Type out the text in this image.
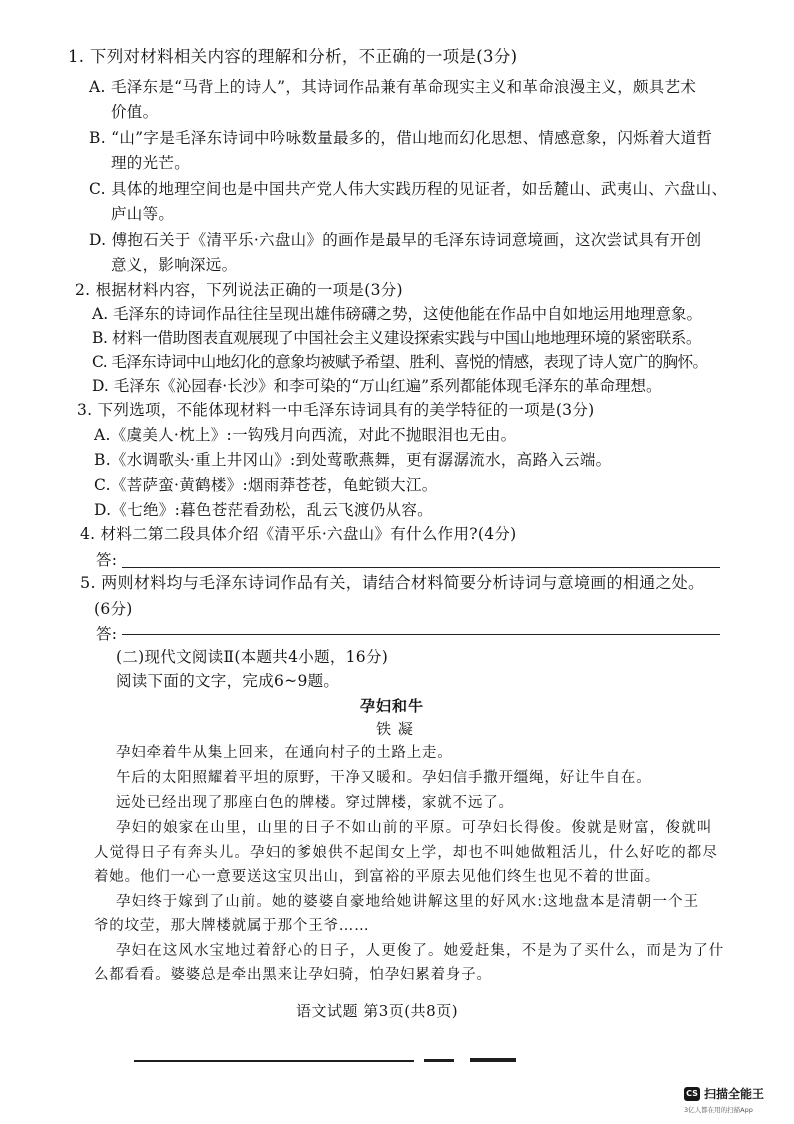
1. 下列对材料相关内容的理解和分析，不正确的一项是(3分)
A. 毛泽东是“马背上的诗人”，其诗词作品兼有革命现实主义和革命浪漫主义，颇具艺术
价值。
B. “山”字是毛泽东诗词中吟咏数量最多的，借山地而幻化思想、情感意象，闪烁着大道哲
理的光芒。
C. 具体的地理空间也是中国共产党人伟大实践历程的见证者，如岳麓山、武夷山、六盘山、
庐山等。
D. 傅抱石关于《清平乐·六盘山》的画作是最早的毛泽东诗词意境画，这次尝试具有开创
意义，影响深远。
2. 根据材料内容，下列说法正确的一项是(3分)
A. 毛泽东的诗词作品往往呈现出雄伟磅礴之势，这使他能在作品中自如地运用地理意象。
B. 材料一借助图表直观展现了中国社会主义建设探索实践与中国山地地理环境的紧密联系。
C. 毛泽东诗词中山地幻化的意象均被赋予希望、胜利、喜悦的情感，表现了诗人宽广的胸怀。
D. 毛泽东《沁园春·长沙》和李可染的“万山红遍”系列都能体现毛泽东的革命理想。
3. 下列选项，不能体现材料一中毛泽东诗词具有的美学特征的一项是(3分)
A.《虞美人·枕上》:一钩残月向西流，对此不抛眼泪也无由。
B.《水调歌头·重上井冈山》:到处莺歌燕舞，更有潺潺流水，高路入云端。
C.《菩萨蛮·黄鹤楼》:烟雨莽苍苍，龟蛇锁大江。
D.《七绝》:暮色苍茫看劲松，乱云飞渡仍从容。
4. 材料二第二段具体介绍《清平乐·六盘山》有什么作用?(4分)
答:
5. 两则材料均与毛泽东诗词作品有关，请结合材料简要分析诗词与意境画的相通之处。
(6分)
答:
(二)现代文阅读Ⅱ(本题共4小题，16分)
阅读下面的文字，完成6~9题。
孕妇和牛
铁 凝
孕妇牵着牛从集上回来，在通向村子的土路上走。
午后的太阳照耀着平坦的原野，干净又暖和。孕妇信手撒开缰绳，好让牛自在。
远处已经出现了那座白色的牌楼。穿过牌楼，家就不远了。
孕妇的娘家在山里，山里的日子不如山前的平原。可孕妇长得俊。俊就是财富，俊就叫
人觉得日子有奔头儿。孕妇的爹娘供不起闺女上学，却也不叫她做粗活儿，什么好吃的都尽
着她。他们一心一意要送这宝贝出山，到富裕的平原去见他们终生也见不着的世面。
孕妇终于嫁到了山前。她的婆婆自豪地给她讲解这里的好风水:这地盘本是清朝一个王
爷的坟茔，那大牌楼就属于那个王爷……
孕妇在这风水宝地过着舒心的日子，人更俊了。她爱赶集，不是为了买什么，而是为了什
么都看看。婆婆总是牵出黑来让孕妇骑，怕孕妇累着身子。
语文试题 第3页(共8页)
CS 扫描全能王
3亿人都在用的扫描App
